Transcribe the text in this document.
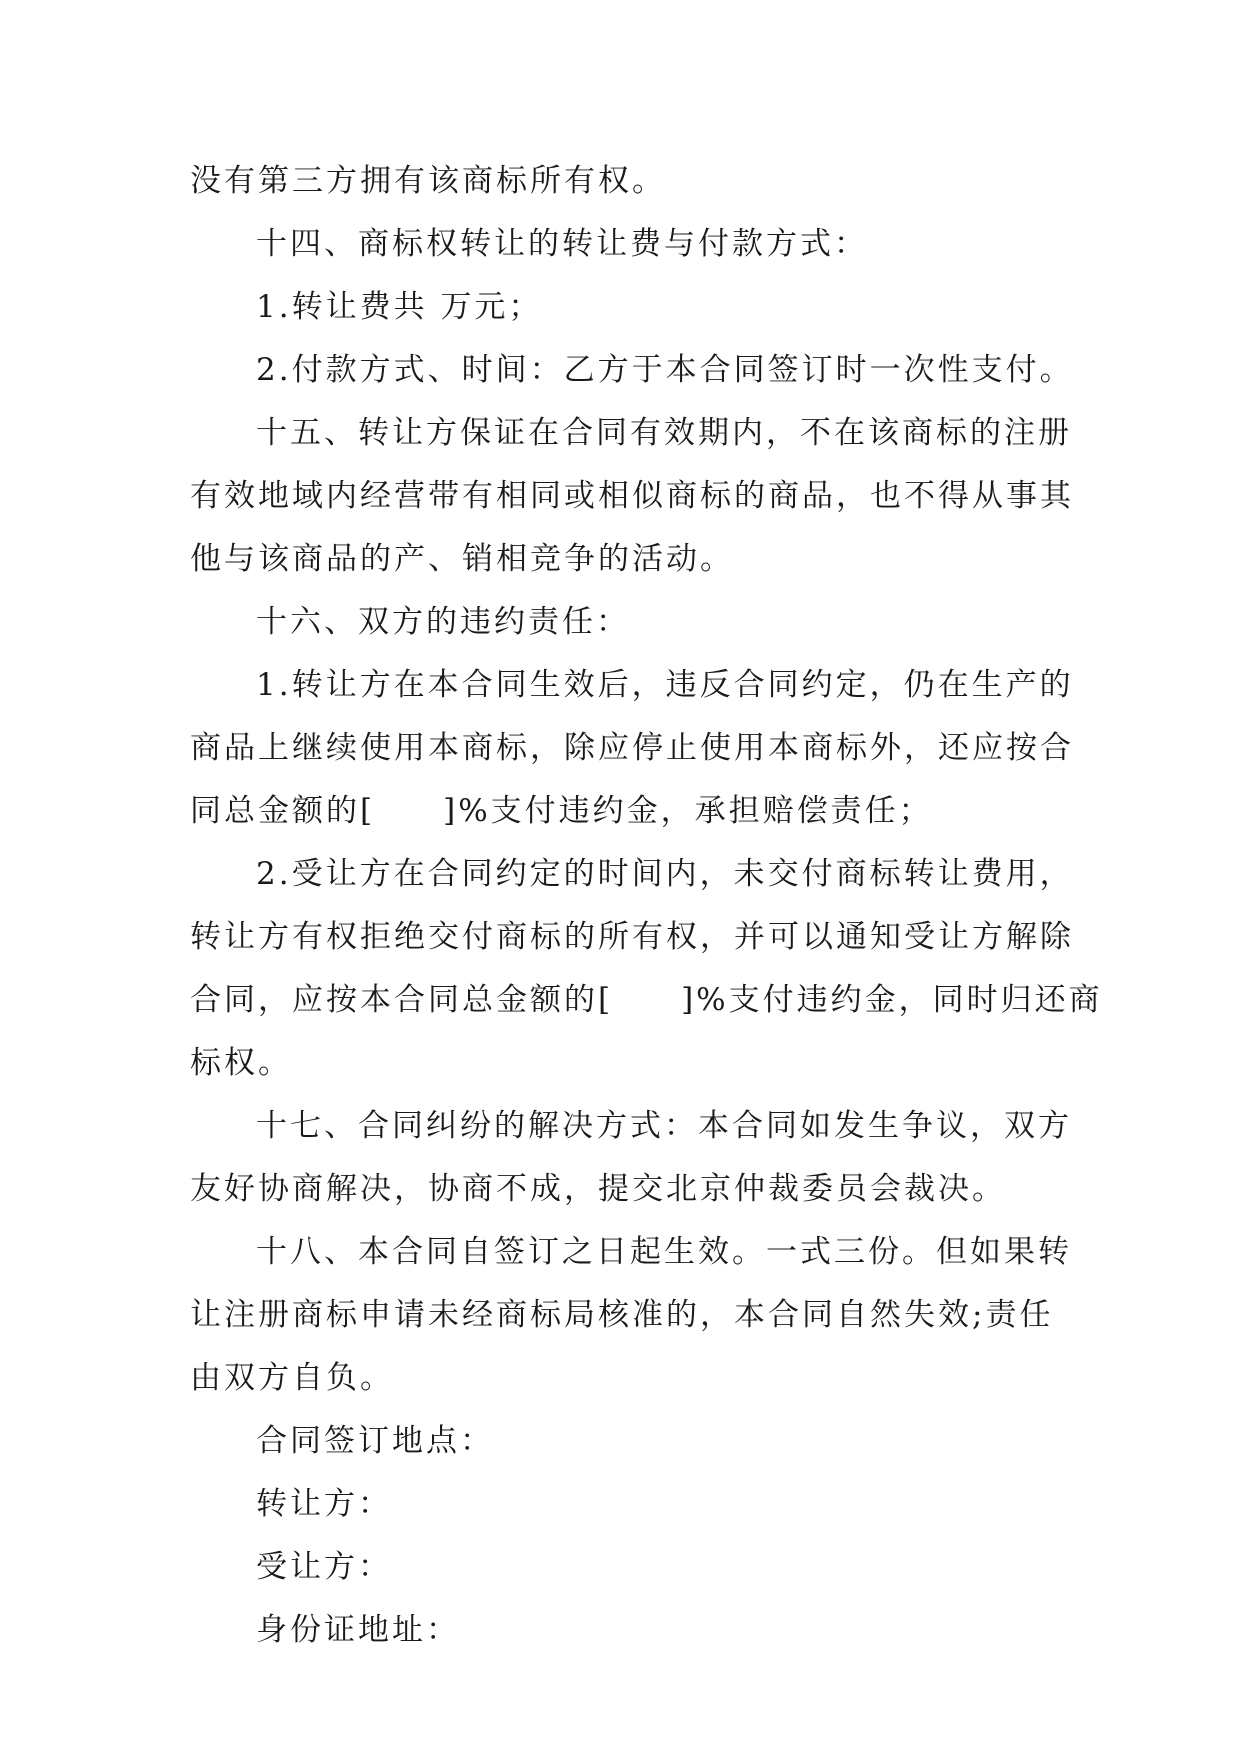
没有第三方拥有该商标所有权。
十四、商标权转让的转让费与付款方式：
1.转让费共 万元；
2.付款方式、时间：乙方于本合同签订时一次性支付。
十五、转让方保证在合同有效期内，不在该商标的注册
有效地域内经营带有相同或相似商标的商品，也不得从事其
他与该商品的产、销相竞争的活动。
十六、双方的违约责任：
1.转让方在本合同生效后，违反合同约定，仍在生产的
商品上继续使用本商标，除应停止使用本商标外，还应按合
同总金额的[　　]%支付违约金，承担赔偿责任；
2.受让方在合同约定的时间内，未交付商标转让费用，
转让方有权拒绝交付商标的所有权，并可以通知受让方解除
合同，应按本合同总金额的[　　]%支付违约金，同时归还商
标权。
十七、合同纠纷的解决方式：本合同如发生争议，双方
友好协商解决，协商不成，提交北京仲裁委员会裁决。
十八、本合同自签订之日起生效。一式三份。但如果转
让注册商标申请未经商标局核准的，本合同自然失效;责任
由双方自负。
合同签订地点：
转让方：
受让方：
身份证地址：
